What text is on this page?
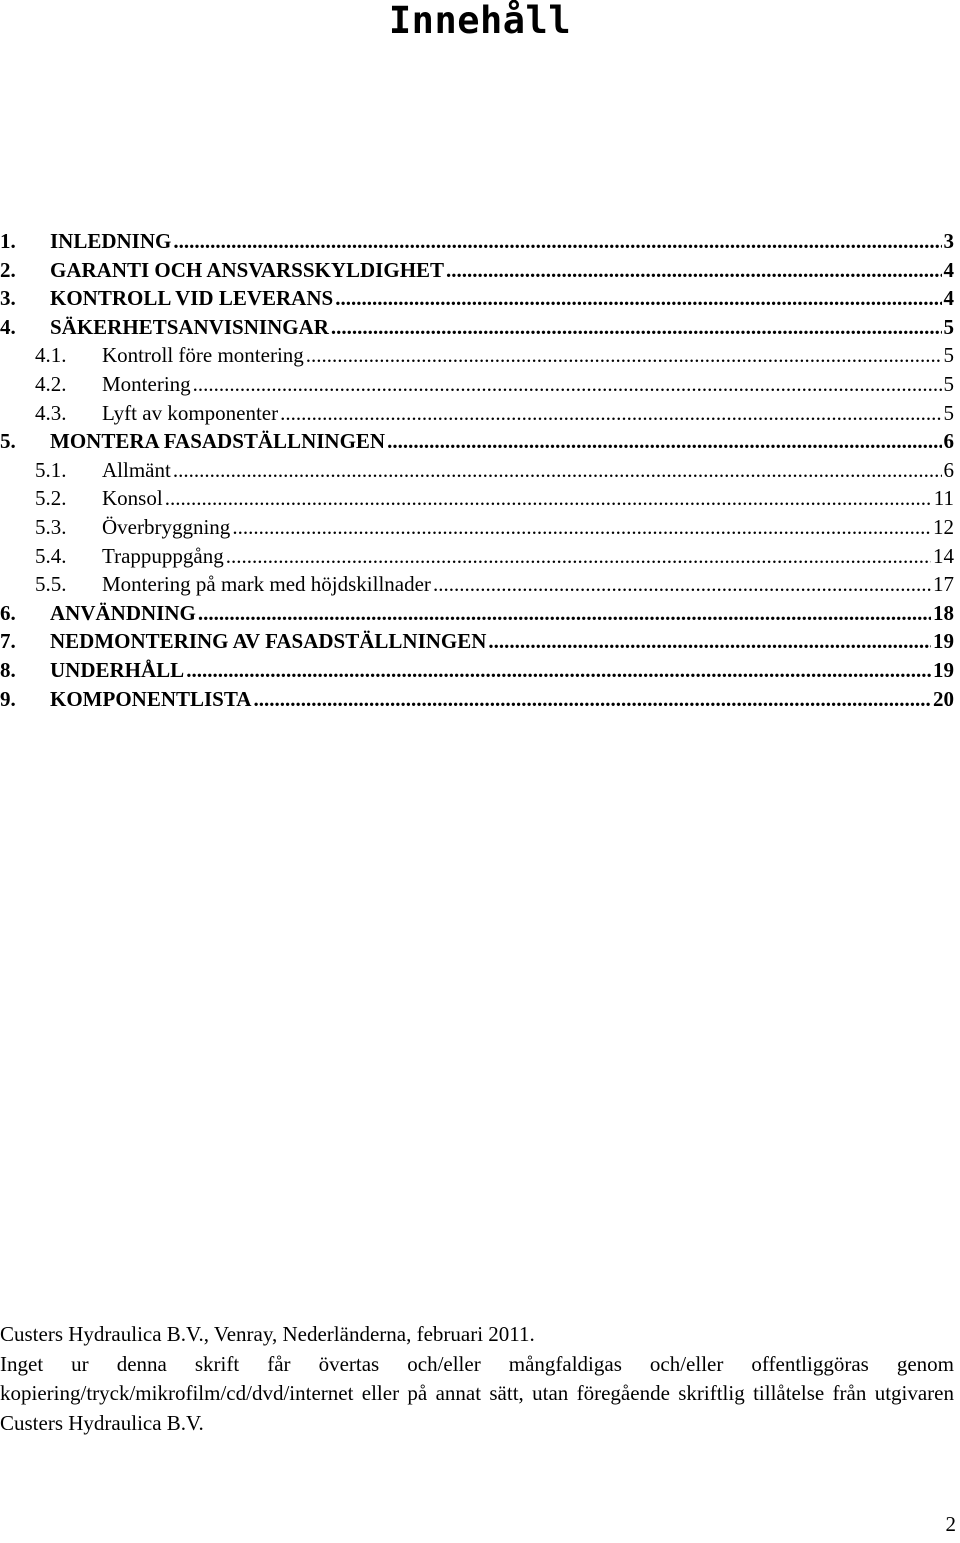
Innehåll
1.	INLEDNING .....	3
2.	GARANTI OCH ANSVARSSKYLDIGHET .....	4
3.	KONTROLL VID LEVERANS .....	4
4.	SÄKERHETSANVISNINGAR .....	5
4.1.	Kontroll före montering .....	5
4.2.	Montering .....	5
4.3.	Lyft av komponenter .....	5
5.	MONTERA FASADSTÄLLNINGEN .....	6
5.1.	Allmänt .....	6
5.2.	Konsol .....	11
5.3.	Överbryggning .....	12
5.4.	Trappuppgång .....	14
5.5.	Montering på mark med höjdskillnader .....	17
6.	ANVÄNDNING .....	18
7.	NEDMONTERING AV FASADSTÄLLNINGEN .....	19
8.	UNDERHÅLL .....	19
9.	KOMPONENTLISTA .....	20

Custers Hydraulica B.V., Venray, Nederländerna, februari 2011.

Inget ur denna skrift får övertas och/eller mångfaldigas och/eller offentliggöras genom kopiering/tryck/mikrofilm/cd/dvd/internet eller på annat sätt, utan föregående skriftlig tillåtelse från utgivaren Custers Hydraulica B.V.

2
